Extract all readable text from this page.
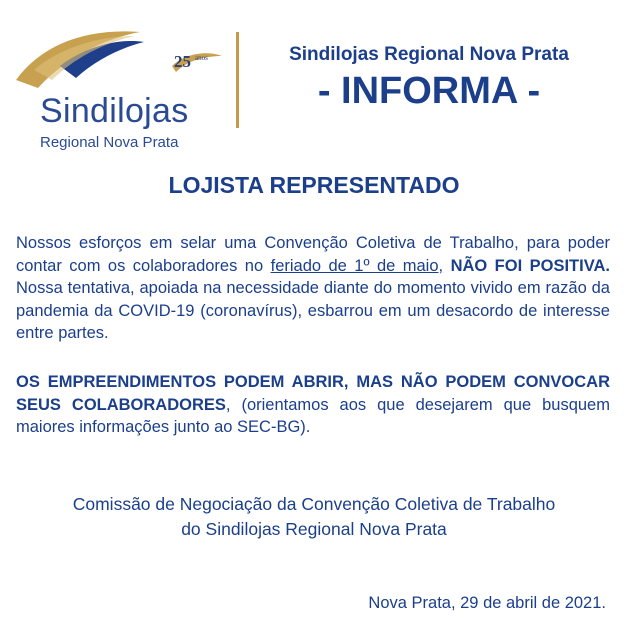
25 anos
Sindilojas
Regional Nova Prata
Sindilojas Regional Nova Prata
- INFORMA -
LOJISTA REPRESENTADO
Nossos esforços em selar uma Convenção Coletiva de Trabalho, para poder contar com os colaboradores no feriado de 1º de maio, NÃO FOI POSITIVA. Nossa tentativa, apoiada na necessidade diante do momento vivido em razão da pandemia da COVID-19 (coronavírus), esbarrou em um desacordo de interesse entre partes.
OS EMPREENDIMENTOS PODEM ABRIR, MAS NÃO PODEM CONVOCAR SEUS COLABORADORES, (orientamos aos que desejarem que busquem maiores informações junto ao SEC-BG).
Comissão de Negociação da Convenção Coletiva de Trabalho
do Sindilojas Regional Nova Prata
Nova Prata, 29 de abril de 2021.
